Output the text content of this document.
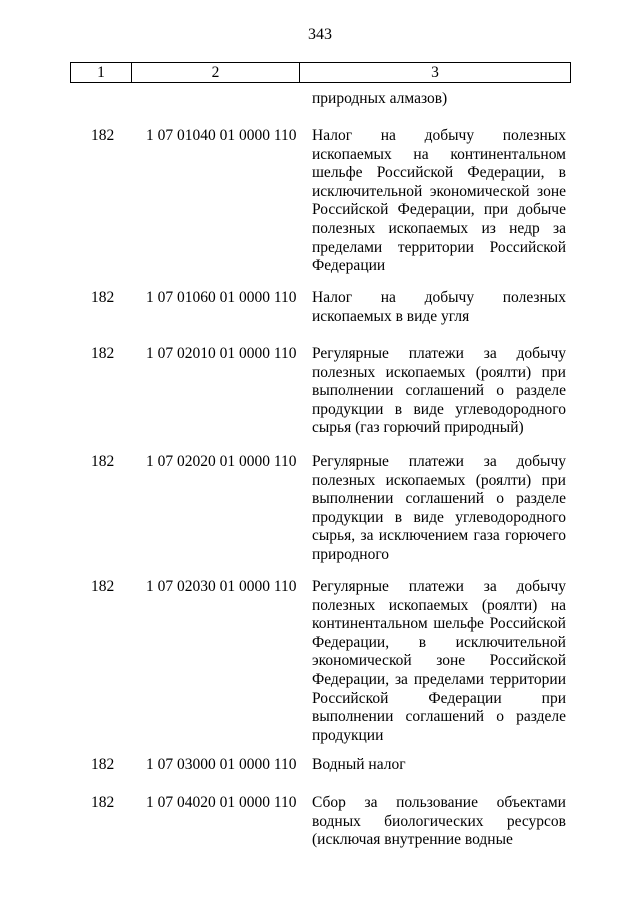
343
1	2	3
природных алмазов)
182 1 07 01040 01 0000 110 Налог на добычу полезных
ископаемых на континентальном
шельфе Российской Федерации, в
исключительной экономической зоне
Российской Федерации, при добыче
полезных ископаемых из недр за
пределами территории Российской
Федерации
182 1 07 01060 01 0000 110 Налог на добычу полезных
ископаемых в виде угля
182 1 07 02010 01 0000 110 Регулярные платежи за добычу
полезных ископаемых (роялти) при
выполнении соглашений о разделе
продукции в виде углеводородного
сырья (газ горючий природный)
182 1 07 02020 01 0000 110 Регулярные платежи за добычу
полезных ископаемых (роялти) при
выполнении соглашений о разделе
продукции в виде углеводородного
сырья, за исключением газа горючего
природного
182 1 07 02030 01 0000 110 Регулярные платежи за добычу
полезных ископаемых (роялти) на
континентальном шельфе Российской
Федерации, в исключительной
экономической зоне Российской
Федерации, за пределами территории
Российской	Федерации	при
выполнении соглашений о разделе
продукции
182 1 07 03000 01 0000 110 Водный налог
182 1 07 04020 01 0000 110 Сбор за пользование объектами
водных биологических ресурсов
(исключая внутренние водные
